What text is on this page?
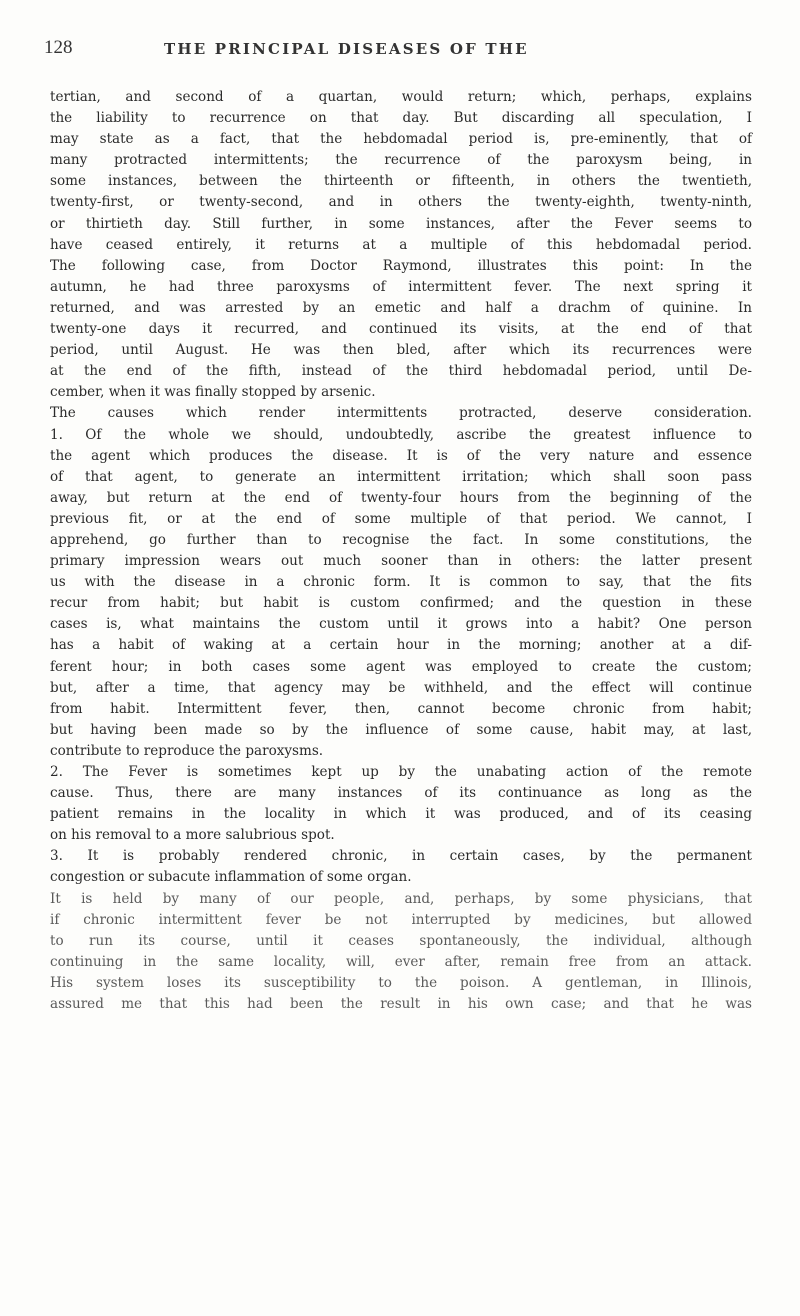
128	THE PRINCIPAL DISEASES OF THE

tertian, and second of a quartan, would return; which, perhaps, explains

the liability to recurrence on that day. But discarding all speculation, I

may state as a fact, that the hebdomadal period is, pre-eminently, that of

many protracted intermittents; the recurrence of the paroxysm being, in

some instances, between the thirteenth or fifteenth, in others the twentieth,

twenty-first, or twenty-second, and in others the twenty-eighth, twenty-ninth,

or thirtieth day. Still further, in some instances, after the Fever seems to

have ceased entirely, it returns at a multiple of this hebdomadal period.

The following case, from Doctor Raymond, illustrates this point: In the

autumn, he had three paroxysms of intermittent fever. The next spring it

returned, and was arrested by an emetic and half a drachm of quinine. In

twenty-one days it recurred, and continued its visits, at the end of that

period, until August. He was then bled, after which its recurrences were

at the end of the fifth, instead of the third hebdomadal period, until De-

cember, when it was finally stopped by arsenic.

The causes which render intermittents protracted, deserve consideration.

1. Of the whole we should, undoubtedly, ascribe the greatest influence to

the agent which produces the disease. It is of the very nature and essence

of that agent, to generate an intermittent irritation; which shall soon pass

away, but return at the end of twenty-four hours from the beginning of the

previous fit, or at the end of some multiple of that period. We cannot, I

apprehend, go further than to recognise the fact. In some constitutions, the

primary impression wears out much sooner than in others: the latter present

us with the disease in a chronic form. It is common to say, that the fits

recur from habit; but habit is custom confirmed; and the question in these

cases is, what maintains the custom until it grows into a habit? One person

has a habit of waking at a certain hour in the morning; another at a dif-

ferent hour; in both cases some agent was employed to create the custom;

but, after a time, that agency may be withheld, and the effect will continue

from habit. Intermittent fever, then, cannot become chronic from habit;

but having been made so by the influence of some cause, habit may, at last,

contribute to reproduce the paroxysms.

2. The Fever is sometimes kept up by the unabating action of the remote

cause. Thus, there are many instances of its continuance as long as the

patient remains in the locality in which it was produced, and of its ceasing

on his removal to a more salubrious spot.

3. It is probably rendered chronic, in certain cases, by the permanent

congestion or subacute inflammation of some organ.

It is held by many of our people, and, perhaps, by some physicians, that

if chronic intermittent fever be not interrupted by medicines, but allowed

to run its course, until it ceases spontaneously, the individual, although

continuing in the same locality, will, ever after, remain free from an attack.

His system loses its susceptibility to the poison. A gentleman, in Illinois,

assured me that this had been the result in his own case; and that he was
